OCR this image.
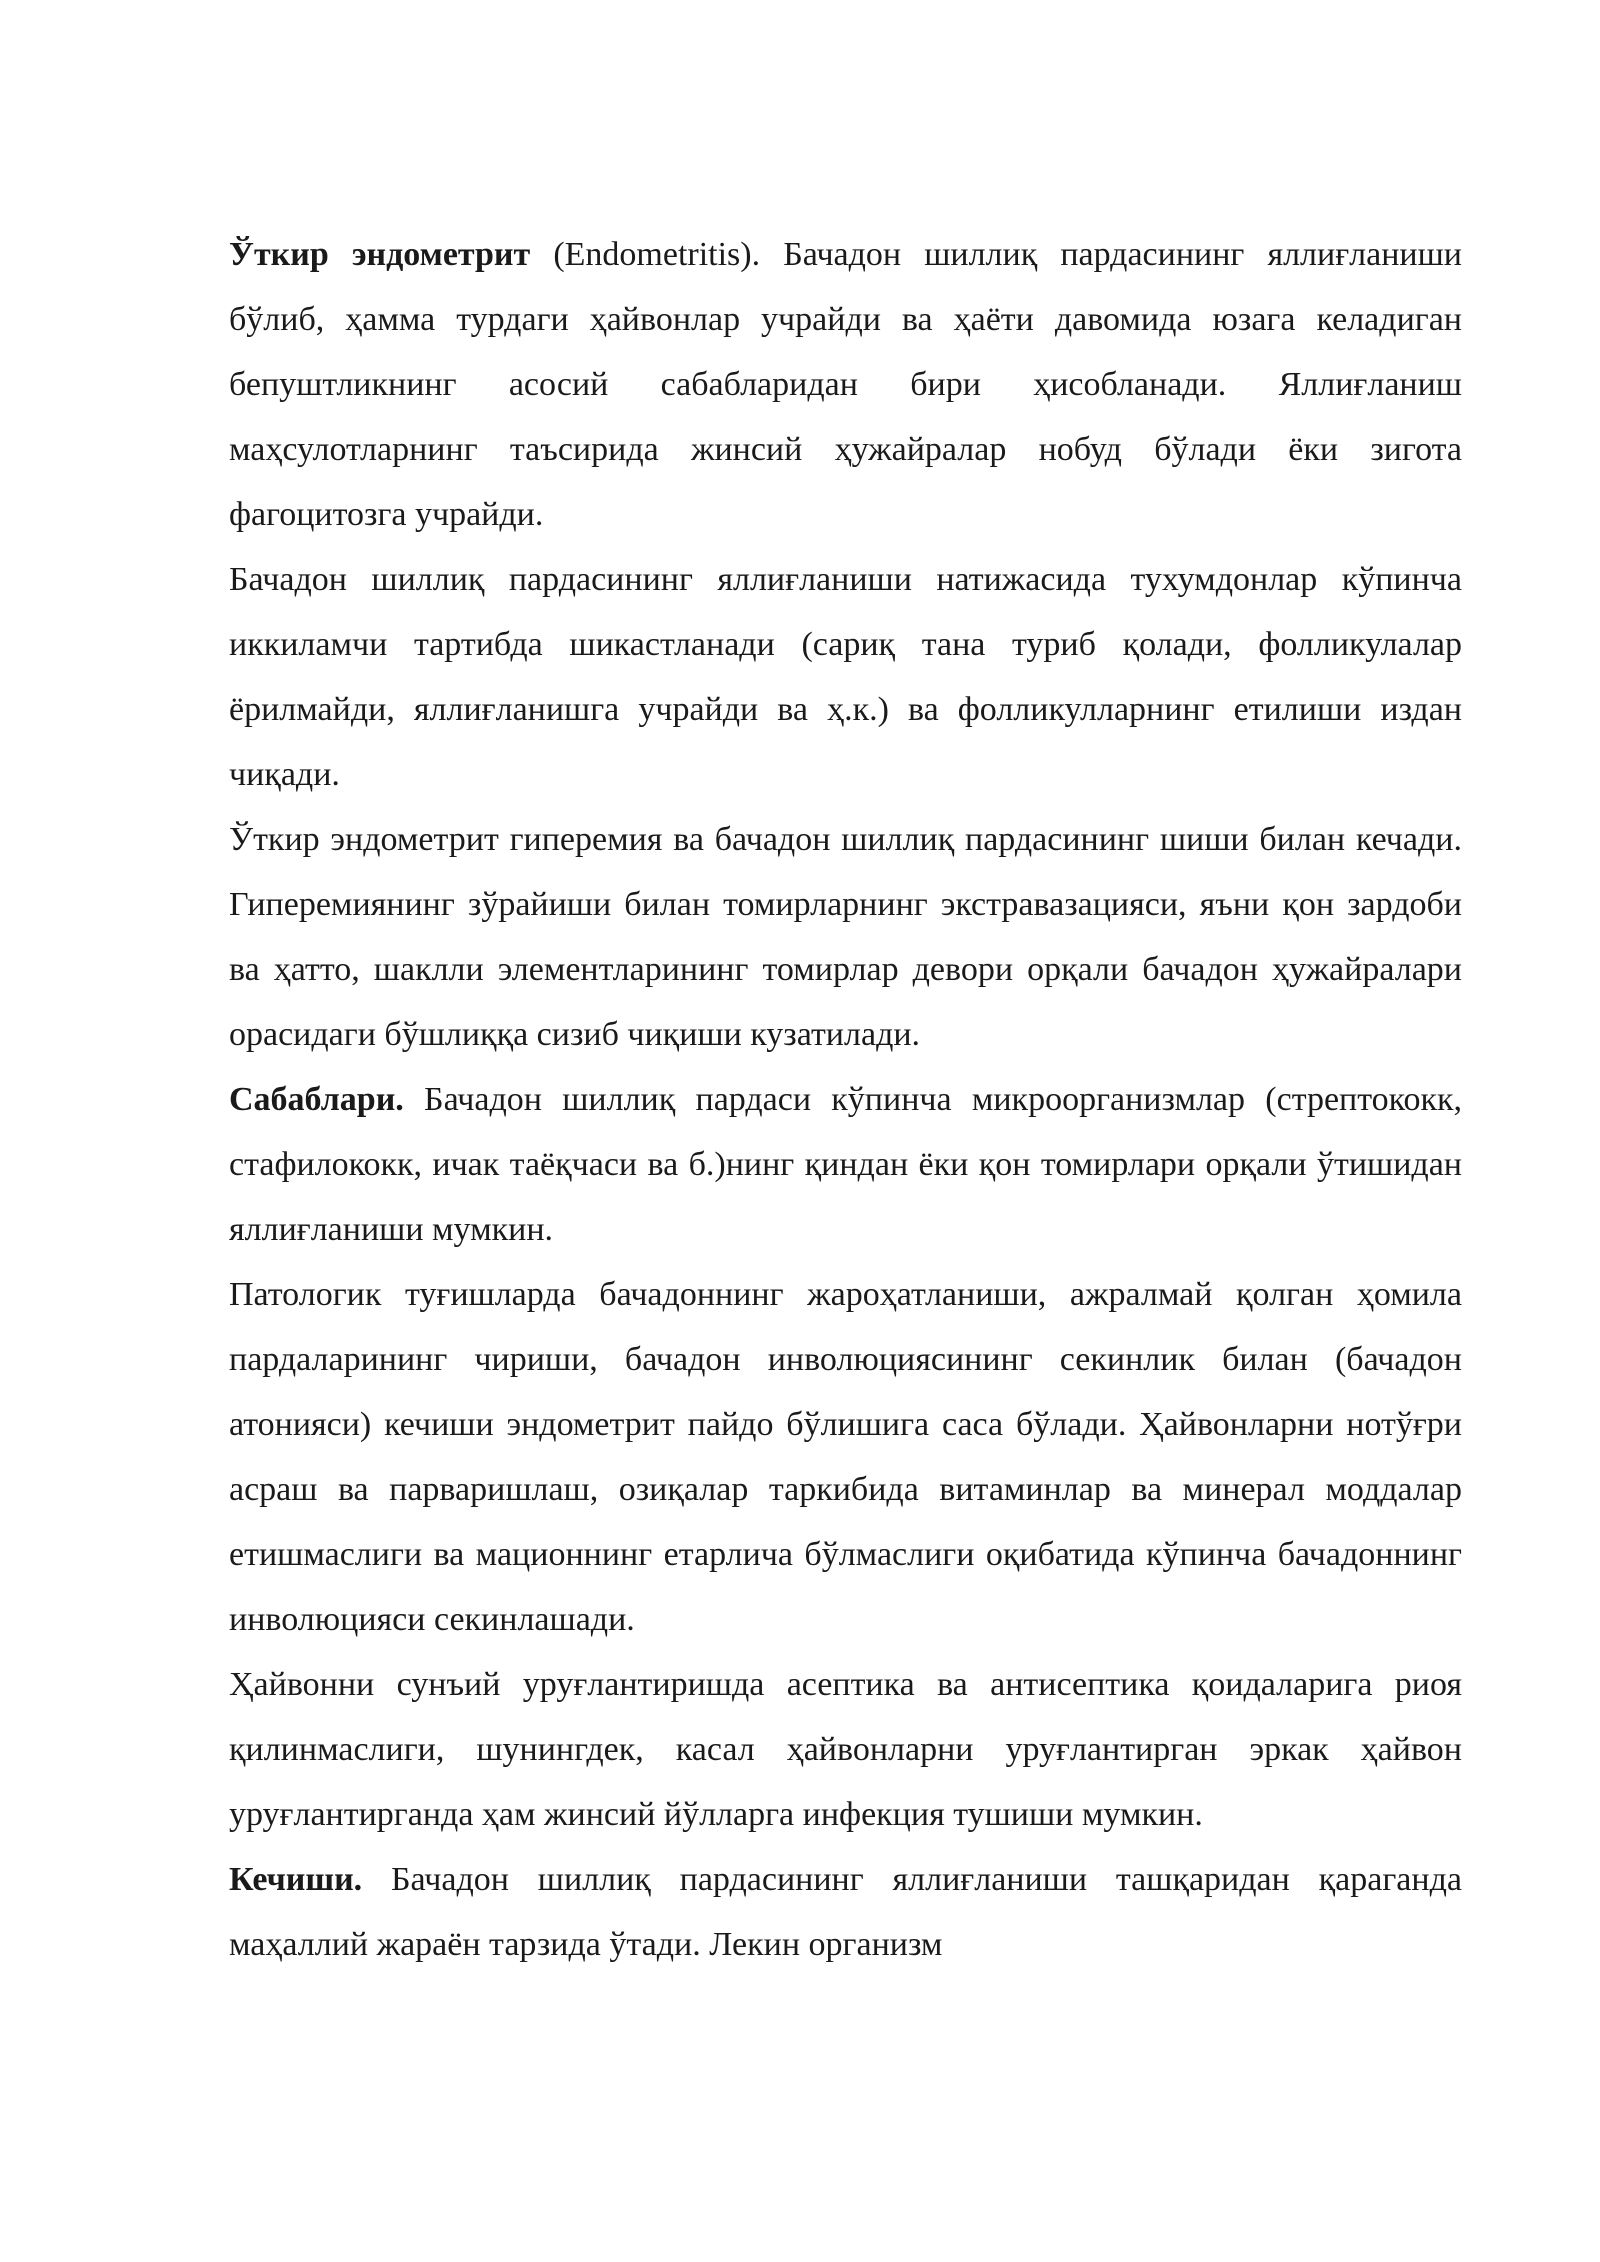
Ўткир эндометрит (Endometritis). Бачадон шиллиқ пардасининг яллиғланиши бўлиб, ҳамма турдаги ҳайвонлар учрайди ва ҳаёти давомида юзага келадиган бепуштликнинг асосий сабабларидан бири ҳисобланади. Яллиғланиш маҳсулотларнинг таъсирида жинсий ҳужайралар нобуд бўлади ёки зигота фагоцитозга учрайди.

Бачадон шиллиқ пардасининг яллиғланиши натижасида тухумдонлар кўпинча иккиламчи тартибда шикастланади (сариқ тана туриб қолади, фолликулалар ёрилмайди, яллиғланишга учрайди ва ҳ.к.) ва фолликулларнинг етилиши издан чиқади.

Ўткир эндометрит гиперемия ва бачадон шиллиқ пардасининг шиши билан кечади. Гиперемиянинг зўрайиши билан томирларнинг экстравазацияси, яъни қон зардоби ва ҳатто, шаклли элементларининг томирлар девори орқали бачадон ҳужайралари орасидаги бўшлиққа сизиб чиқиши кузатилади.

Сабаблари. Бачадон шиллиқ пардаси кўпинча микроорганизмлар (стрептококк, стафилококк, ичак таёқчаси ва б.)нинг қиндан ёки қон томирлари орқали ўтишидан яллиғланиши мумкин.

Патологик туғишларда бачадоннинг жароҳатланиши, ажралмай қолган ҳомила пардаларининг чириши, бачадон инволюциясининг секинлик билан (бачадон атонияси) кечиши эндометрит пайдо бўлишига саса бўлади. Ҳайвонларни нотўғри асраш ва парваришлаш, озиқалар таркибида витаминлар ва минерал моддалар етишмаслиги ва мационнинг етарлича бўлмаслиги оқибатида кўпинча бачадоннинг инволюцияси секинлашади.

Ҳайвонни сунъий уруғлантиришда асептика ва антисептика қоидаларига риоя қилинмаслиги, шунингдек, касал ҳайвонларни уруғлантирган эркак ҳайвон уруғлантирганда ҳам жинсий йўлларга инфекция тушиши мумкин.

Кечиши. Бачадон шиллиқ пардасининг яллиғланиши ташқаридан қараганда маҳаллий жараён тарзида ўтади. Лекин организм
